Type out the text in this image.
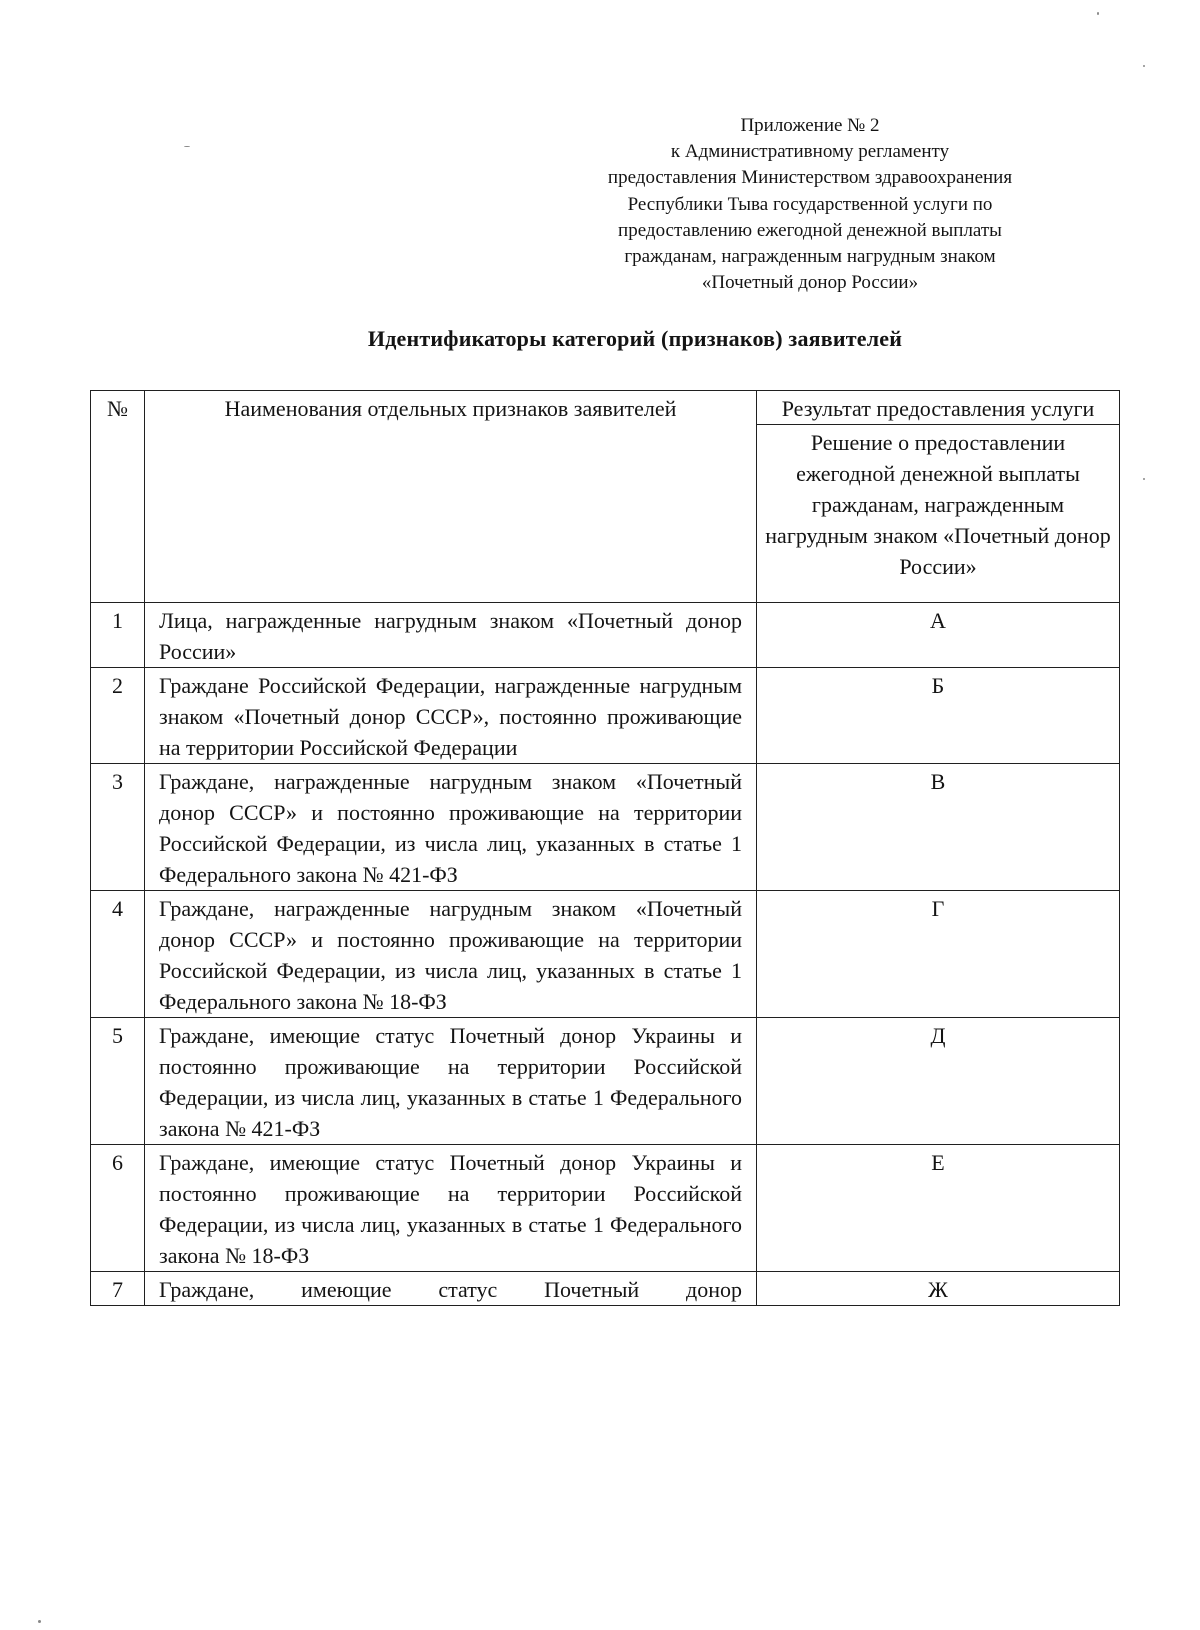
Приложение № 2
к Административному регламенту
предоставления Министерством здравоохранения
Республики Тыва государственной услуги по
предоставлению ежегодной денежной выплаты
гражданам, награжденным нагрудным знаком
«Почетный донор России»
Идентификаторы категорий (признаков) заявителей
№	Наименования отдельных признаков заявителей	Результат предоставления услуги
		Решение о предоставлении ежегодной денежной выплаты гражданам, награжденным нагрудным знаком «Почетный донор России»
1	Лица, награжденные нагрудным знаком «Почетный донор России»	А
2	Граждане Российской Федерации, награжденные нагрудным знаком «Почетный донор СССР», постоянно проживающие на территории Российской Федерации	Б
3	Граждане, награжденные нагрудным знаком «Почетный донор СССР» и постоянно проживающие на территории Российской Федерации, из числа лиц, указанных в статье 1 Федерального закона № 421-ФЗ	В
4	Граждане, награжденные нагрудным знаком «Почетный донор СССР» и постоянно проживающие на территории Российской Федерации, из числа лиц, указанных в статье 1 Федерального закона № 18-ФЗ	Г
5	Граждане, имеющие статус Почетный донор Украины и постоянно проживающие на территории Российской Федерации, из числа лиц, указанных в статье 1 Федерального закона № 421-ФЗ	Д
6	Граждане, имеющие статус Почетный донор Украины и постоянно проживающие на территории Российской Федерации, из числа лиц, указанных в статье 1 Федерального закона № 18-ФЗ	Е
7	Граждане, имеющие статус Почетный донор	Ж
